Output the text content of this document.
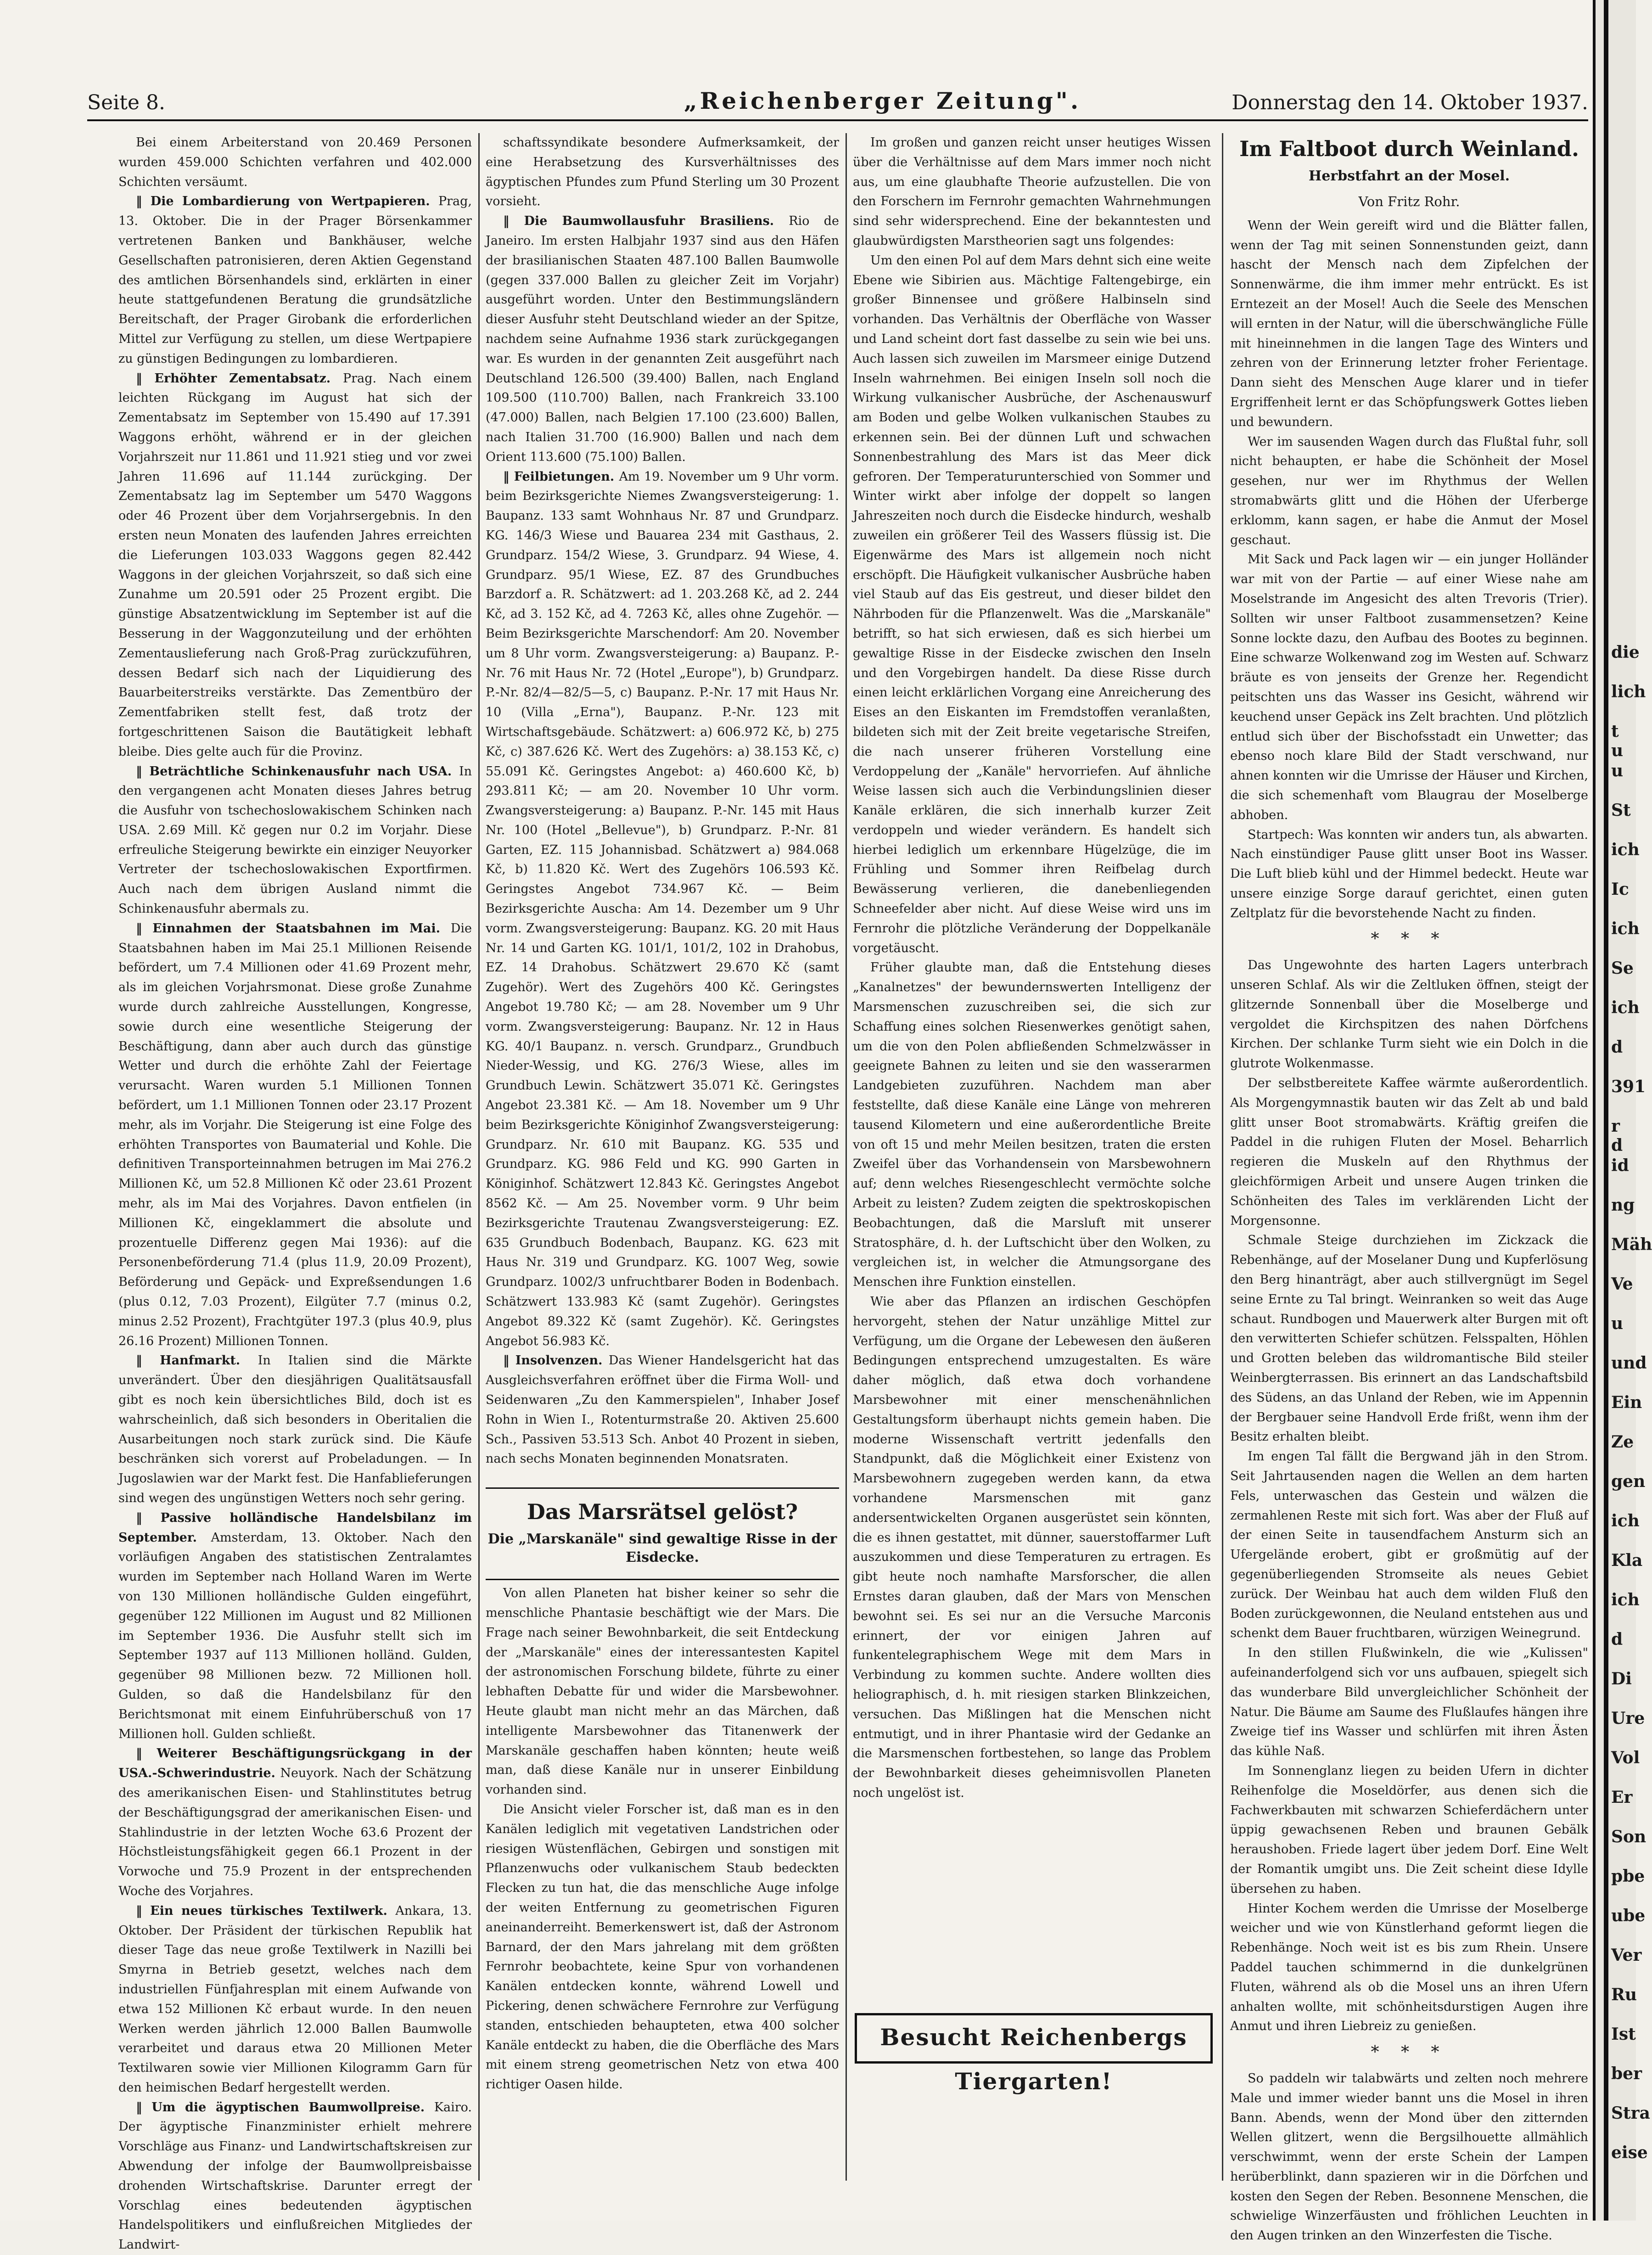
Seite 8.	„Reichenberger Zeitung".	Donnerstag den 14. Oktober 1937.

Bei einem Arbeiterstand von 20.469 Personen wurden 459.000 Schichten verfahren und 402.000 Schichten versäumt.

‖ Die Lombardierung von Wertpapieren. Prag, 13. Oktober. Die in der Prager Börsenkammer vertretenen Banken und Bankhäuser, welche Gesellschaften patronisieren, deren Aktien Gegenstand des amtlichen Börsenhandels sind, erklärten in einer heute stattgefundenen Beratung die grundsätzliche Bereitschaft, der Prager Girobank die erforderlichen Mittel zur Verfügung zu stellen, um diese Wertpapiere zu günstigen Bedingungen zu lombardieren.

‖ Erhöhter Zementabsatz. Prag. Nach einem leichten Rückgang im August hat sich der Zementabsatz im September von 15.490 auf 17.391 Waggons erhöht, während er in der gleichen Vorjahrszeit nur 11.861 und 11.921 stieg und vor zwei Jahren 11.696 auf 11.144 zurückging. Der Zementabsatz lag im September um 5470 Waggons oder 46 Prozent über dem Vorjahrsergebnis. In den ersten neun Monaten des laufenden Jahres erreichten die Lieferungen 103.033 Waggons gegen 82.442 Waggons in der gleichen Vorjahrszeit, so daß sich eine Zunahme um 20.591 oder 25 Prozent ergibt. Die günstige Absatzentwicklung im September ist auf die Besserung in der Waggonzuteilung und der erhöhten Zementauslieferung nach Groß-Prag zurückzuführen, dessen Bedarf sich nach der Liquidierung des Bauarbeiterstreiks verstärkte. Das Zementbüro der Zementfabriken stellt fest, daß trotz der fortgeschrittenen Saison die Bautätigkeit lebhaft bleibe. Dies gelte auch für die Provinz.

‖ Beträchtliche Schinkenausfuhr nach USA. In den vergangenen acht Monaten dieses Jahres betrug die Ausfuhr von tschechoslowakischem Schinken nach USA. 2.69 Mill. Kč gegen nur 0.2 im Vorjahr. Diese erfreuliche Steigerung bewirkte ein einziger Neuyorker Vertreter der tschechoslowakischen Exportfirmen. Auch nach dem übrigen Ausland nimmt die Schinkenausfuhr abermals zu.

‖ Einnahmen der Staatsbahnen im Mai. Die Staatsbahnen haben im Mai 25.1 Millionen Reisende befördert, um 7.4 Millionen oder 41.69 Prozent mehr, als im gleichen Vorjahrsmonat. Diese große Zunahme wurde durch zahlreiche Ausstellungen, Kongresse, sowie durch eine wesentliche Steigerung der Beschäftigung, dann aber auch durch das günstige Wetter und durch die erhöhte Zahl der Feiertage verursacht. Waren wurden 5.1 Millionen Tonnen befördert, um 1.1 Millionen Tonnen oder 23.17 Prozent mehr, als im Vorjahr. Die Steigerung ist eine Folge des erhöhten Transportes von Baumaterial und Kohle. Die definitiven Transporteinnahmen betrugen im Mai 276.2 Millionen Kč, um 52.8 Millionen Kč oder 23.61 Prozent mehr, als im Mai des Vorjahres. Davon entfielen (in Millionen Kč, eingeklammert die absolute und prozentuelle Differenz gegen Mai 1936): auf die Personenbeförderung 71.4 (plus 11.9, 20.09 Prozent), Beförderung und Gepäck- und Expreßsendungen 1.6 (plus 0.12, 7.03 Prozent), Eilgüter 7.7 (minus 0.2, minus 2.52 Prozent), Frachtgüter 197.3 (plus 40.9, plus 26.16 Prozent) Millionen Tonnen.

‖ Hanfmarkt. In Italien sind die Märkte unverändert. Über den diesjährigen Qualitätsausfall gibt es noch kein übersichtliches Bild, doch ist es wahrscheinlich, daß sich besonders in Oberitalien die Ausarbeitungen noch stark zurück sind. Die Käufe beschränken sich vorerst auf Probeladungen. — In Jugoslawien war der Markt fest. Die Hanfablieferungen sind wegen des ungünstigen Wetters noch sehr gering.

‖ Passive holländische Handelsbilanz im September. Amsterdam, 13. Oktober. Nach den vorläufigen Angaben des statistischen Zentralamtes wurden im September nach Holland Waren im Werte von 130 Millionen holländische Gulden eingeführt, gegenüber 122 Millionen im August und 82 Millionen im September 1936. Die Ausfuhr stellt sich im September 1937 auf 113 Millionen holländ. Gulden, gegenüber 98 Millionen bezw. 72 Millionen holl. Gulden, so daß die Handelsbilanz für den Berichtsmonat mit einem Einfuhrüberschuß von 17 Millionen holl. Gulden schließt.

‖ Weiterer Beschäftigungsrückgang in der USA.-Schwerindustrie. Neuyork. Nach der Schätzung des amerikanischen Eisen- und Stahlinstitutes betrug der Beschäftigungsgrad der amerikanischen Eisen- und Stahlindustrie in der letzten Woche 63.6 Prozent der Höchstleistungsfähigkeit gegen 66.1 Prozent in der Vorwoche und 75.9 Prozent in der entsprechenden Woche des Vorjahres.

‖ Ein neues türkisches Textilwerk. Ankara, 13. Oktober. Der Präsident der türkischen Republik hat dieser Tage das neue große Textilwerk in Nazilli bei Smyrna in Betrieb gesetzt, welches nach dem industriellen Fünfjahresplan mit einem Aufwande von etwa 152 Millionen Kč erbaut wurde. In den neuen Werken werden jährlich 12.000 Ballen Baumwolle verarbeitet und daraus etwa 20 Millionen Meter Textilwaren sowie vier Millionen Kilogramm Garn für den heimischen Bedarf hergestellt werden.

‖ Um die ägyptischen Baumwollpreise. Kairo. Der ägyptische Finanzminister erhielt mehrere Vorschläge aus Finanz- und Landwirtschaftskreisen zur Abwendung der infolge der Baumwollpreisbaisse drohenden Wirtschaftskrise. Darunter erregt der Vorschlag eines bedeutenden ägyptischen Handelspolitikers und einflußreichen Mitgliedes der Landwirt-

schaftssyndikate besondere Aufmerksamkeit, der eine Herabsetzung des Kursverhältnisses des ägyptischen Pfundes zum Pfund Sterling um 30 Prozent vorsieht.

‖ Die Baumwollausfuhr Brasiliens. Rio de Janeiro. Im ersten Halbjahr 1937 sind aus den Häfen der brasilianischen Staaten 487.100 Ballen Baumwolle (gegen 337.000 Ballen zu gleicher Zeit im Vorjahr) ausgeführt worden. Unter den Bestimmungsländern dieser Ausfuhr steht Deutschland wieder an der Spitze, nachdem seine Aufnahme 1936 stark zurückgegangen war. Es wurden in der genannten Zeit ausgeführt nach Deutschland 126.500 (39.400) Ballen, nach England 109.500 (110.700) Ballen, nach Frankreich 33.100 (47.000) Ballen, nach Belgien 17.100 (23.600) Ballen, nach Italien 31.700 (16.900) Ballen und nach dem Orient 113.600 (75.100) Ballen.

‖ Feilbietungen. Am 19. November um 9 Uhr vorm. beim Bezirksgerichte Niemes Zwangsversteigerung: 1. Baupanz. 133 samt Wohnhaus Nr. 87 und Grundparz. KG. 146/3 Wiese und Bauarea 234 mit Gasthaus, 2. Grundparz. 154/2 Wiese, 3. Grundparz. 94 Wiese, 4. Grundparz. 95/1 Wiese, EZ. 87 des Grundbuches Barzdorf a. R. Schätzwert: ad 1. 203.268 Kč, ad 2. 244 Kč, ad 3. 152 Kč, ad 4. 7263 Kč, alles ohne Zugehör. — Beim Bezirksgerichte Marschendorf: Am 20. November um 8 Uhr vorm. Zwangsversteigerung: a) Baupanz. P.-Nr. 76 mit Haus Nr. 72 (Hotel „Europe"), b) Grundparz. P.-Nr. 82/4—82/5—5, c) Baupanz. P.-Nr. 17 mit Haus Nr. 10 (Villa „Erna"), Baupanz. P.-Nr. 123 mit Wirtschaftsgebäude. Schätzwert: a) 606.972 Kč, b) 275 Kč, c) 387.626 Kč. Wert des Zugehörs: a) 38.153 Kč, c) 55.091 Kč. Geringstes Angebot: a) 460.600 Kč, b) 293.811 Kč; — am 20. November 10 Uhr vorm. Zwangsversteigerung: a) Baupanz. P.-Nr. 145 mit Haus Nr. 100 (Hotel „Bellevue"), b) Grundparz. P.-Nr. 81 Garten, EZ. 115 Johannisbad. Schätzwert a) 984.068 Kč, b) 11.820 Kč. Wert des Zugehörs 106.593 Kč. Geringstes Angebot 734.967 Kč. — Beim Bezirksgerichte Auscha: Am 14. Dezember um 9 Uhr vorm. Zwangsversteigerung: Baupanz. KG. 20 mit Haus Nr. 14 und Garten KG. 101/1, 101/2, 102 in Drahobus, EZ. 14 Drahobus. Schätzwert 29.670 Kč (samt Zugehör). Wert des Zugehörs 400 Kč. Geringstes Angebot 19.780 Kč; — am 28. November um 9 Uhr vorm. Zwangsversteigerung: Baupanz. Nr. 12 in Haus KG. 40/1 Baupanz. n. versch. Grundparz., Grundbuch Nieder-Wessig, und KG. 276/3 Wiese, alles im Grundbuch Lewin. Schätzwert 35.071 Kč. Geringstes Angebot 23.381 Kč. — Am 18. November um 9 Uhr beim Bezirksgerichte Königinhof Zwangsversteigerung: Grundparz. Nr. 610 mit Baupanz. KG. 535 und Grundparz. KG. 986 Feld und KG. 990 Garten in Königinhof. Schätzwert 12.843 Kč. Geringstes Angebot 8562 Kč. — Am 25. November vorm. 9 Uhr beim Bezirksgerichte Trautenau Zwangsversteigerung: EZ. 635 Grundbuch Bodenbach, Baupanz. KG. 623 mit Haus Nr. 319 und Grundparz. KG. 1007 Weg, sowie Grundparz. 1002/3 unfruchtbarer Boden in Bodenbach. Schätzwert 133.983 Kč (samt Zugehör). Geringstes Angebot 89.322 Kč (samt Zugehör). Kč. Geringstes Angebot 56.983 Kč.

‖ Insolvenzen. Das Wiener Handelsgericht hat das Ausgleichsverfahren eröffnet über die Firma Woll- und Seidenwaren „Zu den Kammerspielen", Inhaber Josef Rohn in Wien I., Rotenturmstraße 20. Aktiven 25.600 Sch., Passiven 53.513 Sch. Anbot 40 Prozent in sieben, nach sechs Monaten beginnenden Monatsraten.

Das Marsrätsel gelöst?
Die „Marskanäle" sind gewaltige Risse in der Eisdecke.

Von allen Planeten hat bisher keiner so sehr die menschliche Phantasie beschäftigt wie der Mars. Die Frage nach seiner Bewohnbarkeit, die seit Entdeckung der „Marskanäle" eines der interessantesten Kapitel der astronomischen Forschung bildete, führte zu einer lebhaften Debatte für und wider die Marsbewohner. Heute glaubt man nicht mehr an das Märchen, daß intelligente Marsbewohner das Titanenwerk der Marskanäle geschaffen haben könnten; heute weiß man, daß diese Kanäle nur in unserer Einbildung vorhanden sind.

Die Ansicht vieler Forscher ist, daß man es in den Kanälen lediglich mit vegetativen Landstrichen oder riesigen Wüstenflächen, Gebirgen und sonstigen mit Pflanzenwuchs oder vulkanischem Staub bedeckten Flecken zu tun hat, die das menschliche Auge infolge der weiten Entfernung zu geometrischen Figuren aneinanderreiht. Bemerkenswert ist, daß der Astronom Barnard, der den Mars jahrelang mit dem größten Fernrohr beobachtete, keine Spur von vorhandenen Kanälen entdecken konnte, während Lowell und Pickering, denen schwächere Fernrohre zur Verfügung standen, entschieden behaupteten, etwa 400 solcher Kanäle entdeckt zu haben, die die Oberfläche des Mars mit einem streng geometrischen Netz von etwa 400 richtiger Oasen hilde.

Im großen und ganzen reicht unser heutiges Wissen über die Verhältnisse auf dem Mars immer noch nicht aus, um eine glaubhafte Theorie aufzustellen. Die von den Forschern im Fernrohr gemachten Wahrnehmungen sind sehr widersprechend. Eine der bekanntesten und glaubwürdigsten Marstheorien sagt uns folgendes:

Um den einen Pol auf dem Mars dehnt sich eine weite Ebene wie Sibirien aus. Mächtige Faltengebirge, ein großer Binnensee und größere Halbinseln sind vorhanden. Das Verhältnis der Oberfläche von Wasser und Land scheint dort fast dasselbe zu sein wie bei uns. Auch lassen sich zuweilen im Marsmeer einige Dutzend Inseln wahrnehmen. Bei einigen Inseln soll noch die Wirkung vulkanischer Ausbrüche, der Aschenauswurf am Boden und gelbe Wolken vulkanischen Staubes zu erkennen sein. Bei der dünnen Luft und schwachen Sonnenbestrahlung des Mars ist das Meer dick gefroren. Der Temperaturunterschied von Sommer und Winter wirkt aber infolge der doppelt so langen Jahreszeiten noch durch die Eisdecke hindurch, weshalb zuweilen ein größerer Teil des Wassers flüssig ist. Die Eigenwärme des Mars ist allgemein noch nicht erschöpft. Die Häufigkeit vulkanischer Ausbrüche haben viel Staub auf das Eis gestreut, und dieser bildet den Nährboden für die Pflanzenwelt. Was die „Marskanäle" betrifft, so hat sich erwiesen, daß es sich hierbei um gewaltige Risse in der Eisdecke zwischen den Inseln und den Vorgebirgen handelt. Da diese Risse durch einen leicht erklärlichen Vorgang eine Anreicherung des Eises an den Eiskanten im Fremdstoffen veranlaßten, bildeten sich mit der Zeit breite vegetarische Streifen, die nach unserer früheren Vorstellung eine Verdoppelung der „Kanäle" hervorriefen. Auf ähnliche Weise lassen sich auch die Verbindungslinien dieser Kanäle erklären, die sich innerhalb kurzer Zeit verdoppeln und wieder verändern. Es handelt sich hierbei lediglich um erkennbare Hügelzüge, die im Frühling und Sommer ihren Reifbelag durch Bewässerung verlieren, die danebenliegenden Schneefelder aber nicht. Auf diese Weise wird uns im Fernrohr die plötzliche Veränderung der Doppelkanäle vorgetäuscht.

Früher glaubte man, daß die Entstehung dieses „Kanalnetzes" der bewundernswerten Intelligenz der Marsmenschen zuzuschreiben sei, die sich zur Schaffung eines solchen Riesenwerkes genötigt sahen, um die von den Polen abfließenden Schmelzwässer in geeignete Bahnen zu leiten und sie den wasserarmen Landgebieten zuzuführen. Nachdem man aber feststellte, daß diese Kanäle eine Länge von mehreren tausend Kilometern und eine außerordentliche Breite von oft 15 und mehr Meilen besitzen, traten die ersten Zweifel über das Vorhandensein von Marsbewohnern auf; denn welches Riesengeschlecht vermöchte solche Arbeit zu leisten? Zudem zeigten die spektroskopischen Beobachtungen, daß die Marsluft mit unserer Stratosphäre, d. h. der Luftschicht über den Wolken, zu vergleichen ist, in welcher die Atmungsorgane des Menschen ihre Funktion einstellen.

Wie aber das Pflanzen an irdischen Geschöpfen hervorgeht, stehen der Natur unzählige Mittel zur Verfügung, um die Organe der Lebewesen den äußeren Bedingungen entsprechend umzugestalten. Es wäre daher möglich, daß etwa doch vorhandene Marsbewohner mit einer menschenähnlichen Gestaltungsform überhaupt nichts gemein haben. Die moderne Wissenschaft vertritt jedenfalls den Standpunkt, daß die Möglichkeit einer Existenz von Marsbewohnern zugegeben werden kann, da etwa vorhandene Marsmenschen mit ganz andersentwickelten Organen ausgerüstet sein könnten, die es ihnen gestattet, mit dünner, sauerstoffarmer Luft auszukommen und diese Temperaturen zu ertragen. Es gibt heute noch namhafte Marsforscher, die allen Ernstes daran glauben, daß der Mars von Menschen bewohnt sei. Es sei nur an die Versuche Marconis erinnert, der vor einigen Jahren auf funkentelegraphischem Wege mit dem Mars in Verbindung zu kommen suchte. Andere wollten dies heliographisch, d. h. mit riesigen starken Blinkzeichen, versuchen. Das Mißlingen hat die Menschen nicht entmutigt, und in ihrer Phantasie wird der Gedanke an die Marsmenschen fortbestehen, so lange das Problem der Bewohnbarkeit dieses geheimnisvollen Planeten noch ungelöst ist.

Im Faltboot durch Weinland.
Herbstfahrt an der Mosel.
Von Fritz Rohr.

Wenn der Wein gereift wird und die Blätter fallen, wenn der Tag mit seinen Sonnenstunden geizt, dann hascht der Mensch nach dem Zipfelchen der Sonnenwärme, die ihm immer mehr entrückt. Es ist Erntezeit an der Mosel! Auch die Seele des Menschen will ernten in der Natur, will die überschwängliche Fülle mit hineinnehmen in die langen Tage des Winters und zehren von der Erinnerung letzter froher Ferientage. Dann sieht des Menschen Auge klarer und in tiefer Ergriffenheit lernt er das Schöpfungswerk Gottes lieben und bewundern.

Wer im sausenden Wagen durch das Flußtal fuhr, soll nicht behaupten, er habe die Schönheit der Mosel gesehen, nur wer im Rhythmus der Wellen stromabwärts glitt und die Höhen der Uferberge erklomm, kann sagen, er habe die Anmut der Mosel geschaut.

Mit Sack und Pack lagen wir — ein junger Holländer war mit von der Partie — auf einer Wiese nahe am Moselstrande im Angesicht des alten Trevoris (Trier). Sollten wir unser Faltboot zusammensetzen? Keine Sonne lockte dazu, den Aufbau des Bootes zu beginnen. Eine schwarze Wolkenwand zog im Westen auf. Schwarz bräute es von jenseits der Grenze her. Regendicht peitschten uns das Wasser ins Gesicht, während wir keuchend unser Gepäck ins Zelt brachten. Und plötzlich entlud sich über der Bischofsstadt ein Unwetter; das ebenso noch klare Bild der Stadt verschwand, nur ahnen konnten wir die Umrisse der Häuser und Kirchen, die sich schemenhaft vom Blaugrau der Moselberge abhoben.

Startpech: Was konnten wir anders tun, als abwarten. Nach einstündiger Pause glitt unser Boot ins Wasser. Die Luft blieb kühl und der Himmel bedeckt. Heute war unsere einzige Sorge darauf gerichtet, einen guten Zeltplatz für die bevorstehende Nacht zu finden.

* * *

Das Ungewohnte des harten Lagers unterbrach unseren Schlaf. Als wir die Zeltluken öffnen, steigt der glitzernde Sonnenball über die Moselberge und vergoldet die Kirchspitzen des nahen Dörfchens Kirchen. Der schlanke Turm sieht wie ein Dolch in die glutrote Wolkenmasse.

Der selbstbereitete Kaffee wärmte außerordentlich. Als Morgengymnastik bauten wir das Zelt ab und bald glitt unser Boot stromabwärts. Kräftig greifen die Paddel in die ruhigen Fluten der Mosel. Beharrlich regieren die Muskeln auf den Rhythmus der gleichförmigen Arbeit und unsere Augen trinken die Schönheiten des Tales im verklärenden Licht der Morgensonne.

Schmale Steige durchziehen im Zickzack die Rebenhänge, auf der Moselaner Dung und Kupferlösung den Berg hinanträgt, aber auch stillvergnügt im Segel seine Ernte zu Tal bringt. Weinranken so weit das Auge schaut. Rundbogen und Mauerwerk alter Burgen mit oft den verwitterten Schiefer schützen. Felsspalten, Höhlen und Grotten beleben das wildromantische Bild steiler Weinbergterrassen. Bis erinnert an das Landschaftsbild des Südens, an das Unland der Reben, wie im Appennin der Bergbauer seine Handvoll Erde frißt, wenn ihm der Besitz erhalten bleibt.

Im engen Tal fällt die Bergwand jäh in den Strom. Seit Jahrtausenden nagen die Wellen an dem harten Fels, unterwaschen das Gestein und wälzen die zermahlenen Reste mit sich fort. Was aber der Fluß auf der einen Seite in tausendfachem Ansturm sich an Ufergelände erobert, gibt er großmütig auf der gegenüberliegenden Stromseite als neues Gebiet zurück. Der Weinbau hat auch dem wilden Fluß den Boden zurückgewonnen, die Neuland entstehen aus und schenkt dem Bauer fruchtbaren, würzigen Weinegrund.

In den stillen Flußwinkeln, die wie „Kulissen" aufeinanderfolgend sich vor uns aufbauen, spiegelt sich das wunderbare Bild unvergleichlicher Schönheit der Natur. Die Bäume am Saume des Flußlaufes hängen ihre Zweige tief ins Wasser und schlürfen mit ihren Ästen das kühle Naß.

Im Sonnenglanz liegen zu beiden Ufern in dichter Reihenfolge die Moseldörfer, aus denen sich die Fachwerkbauten mit schwarzen Schieferdächern unter üppig gewachsenen Reben und braunen Gebälk heraushoben. Friede lagert über jedem Dorf. Eine Welt der Romantik umgibt uns. Die Zeit scheint diese Idylle übersehen zu haben.

Hinter Kochem werden die Umrisse der Moselberge weicher und wie von Künstlerhand geformt liegen die Rebenhänge. Noch weit ist es bis zum Rhein. Unsere Paddel tauchen schimmernd in die dunkelgrünen Fluten, während als ob die Mosel uns an ihren Ufern anhalten wollte, mit schönheitsdurstigen Augen ihre Anmut und ihren Liebreiz zu genießen.

* * *

So paddeln wir talabwärts und zelten noch mehrere Male und immer wieder bannt uns die Mosel in ihren Bann. Abends, wenn der Mond über den zitternden Wellen glitzert, wenn die Bergsilhouette allmählich verschwimmt, wenn der erste Schein der Lampen herüberblinkt, dann spazieren wir in die Dörfchen und kosten den Segen der Reben. Besonnene Menschen, die schwielige Winzerfäusten und fröhlichen Leuchten in den Augen trinken an den Winzerfesten die Tische.

Besucht Reichenbergs Tiergarten!
die
lich
t u
u
St
ich
Ic
ich
Se
ich
d
391
r d
id
ng
Mäh
Ve
u
und
Ein
Ze
gen
ich
Kla
ich
d
Di
Ure
Vol
Er
Son
pbe
ube
Ver
Ru
Ist
ber
Stra
eise
